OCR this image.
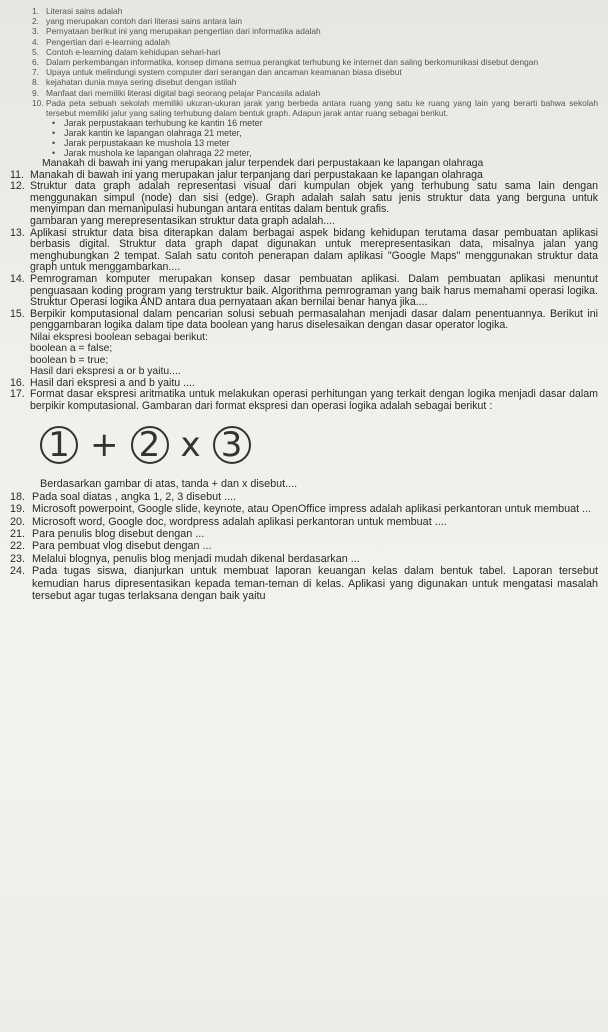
1. Literasi sains adalah
2. yang merupakan contoh dari literasi sains antara lain
3. Pernyataan berikut ini yang merupakan pengertian dari informatika adalah
4. Pengertian dari e-learning adalah
5. Contoh e-learning dalam kehidupan sehari-hari
6. Dalam perkembangan informatika, konsep dimana semua perangkat terhubung ke internet dan saling berkomunikasi disebut dengan
7. Upaya untuk melindungi system computer dari serangan dan ancaman keamanan biasa disebut
8. kejahatan dunia maya sering disebut dengan istilah
9. Manfaat dari memiliki literasi digital bagi seorang pelajar Pancasila adalah
10. Pada peta sebuah sekolah memiliki ukuran-ukuran jarak yang berbeda antara ruang yang satu ke ruang yang lain yang berarti bahwa sekolah tersebut memiliki jalur yang saling terhubung dalam bentuk graph. Adapun jarak antar ruang sebagai berikut.
• Jarak perpustakaan terhubung ke kantin 16 meter
• Jarak kantin ke lapangan olahraga 21 meter,
• Jarak perpustakaan ke mushola 13 meter
• Jarak mushola ke lapangan olahraga 22 meter,
Manakah di bawah ini yang merupakan jalur terpendek dari perpustakaan ke lapangan olahraga
11. Manakah di bawah ini yang merupakan jalur terpanjang dari perpustakaan ke lapangan olahraga
12. Struktur data graph adalah representasi visual dari kumpulan objek yang terhubung satu sama lain dengan menggunakan simpul (node) dan sisi (edge). Graph adalah salah satu jenis struktur data yang berguna untuk menyimpan dan memanipulasi hubungan antara entitas dalam bentuk grafis.
gambaran yang merepresentasikan struktur data graph adalah....
13. Aplikasi struktur data bisa diterapkan dalam berbagai aspek bidang kehidupan terutama dasar pembuatan aplikasi berbasis digital. Struktur data graph dapat digunakan untuk merepresentasikan data, misalnya jalan yang menghubungkan 2 tempat. Salah satu contoh penerapan dalam aplikasi "Google Maps" menggunakan struktur data graph untuk menggambarkan....
14. Pemrograman komputer merupakan konsep dasar pembuatan aplikasi. Dalam pembuatan aplikasi menuntut penguasaan koding program yang terstruktur baik. Algorithma pemrograman yang baik harus memahami operasi logika. Struktur Operasi logika AND antara dua pernyataan akan bernilai benar hanya jika....
15. Berpikir komputasional dalam pencarian solusi sebuah permasalahan menjadi dasar dalam penentuannya. Berikut ini penggambaran logika dalam tipe data boolean yang harus diselesaikan dengan dasar operator logika.
Nilai ekspresi boolean sebagai berikut:
boolean a = false;
boolean b = true;
Hasil dari ekspresi a or b yaitu....
16. Hasil dari ekspresi a and b yaitu ....
17. Format dasar ekspresi aritmatika untuk melakukan operasi perhitungan yang terkait dengan logika menjadi dasar dalam berpikir komputasional. Gambaran dari format ekspresi dan operasi logika adalah sebagai berikut :
1 + 2 x 3
Berdasarkan gambar di atas, tanda + dan x disebut....
18. Pada soal diatas , angka 1, 2, 3 disebut ....
19. Microsoft powerpoint, Google slide, keynote, atau OpenOffice impress adalah aplikasi perkantoran untuk membuat ...
20. Microsoft word, Google doc, wordpress adalah aplikasi perkantoran untuk membuat ....
21. Para penulis blog disebut dengan ...
22. Para pembuat vlog disebut dengan ...
23. Melalui blognya, penulis blog menjadi mudah dikenal berdasarkan ...
24. Pada tugas siswa, dianjurkan untuk membuat laporan keuangan kelas dalam bentuk tabel. Laporan tersebut kemudian harus dipresentasikan kepada teman-teman di kelas. Aplikasi yang digunakan untuk mengatasi masalah tersebut agar tugas terlaksana dengan baik yaitu
